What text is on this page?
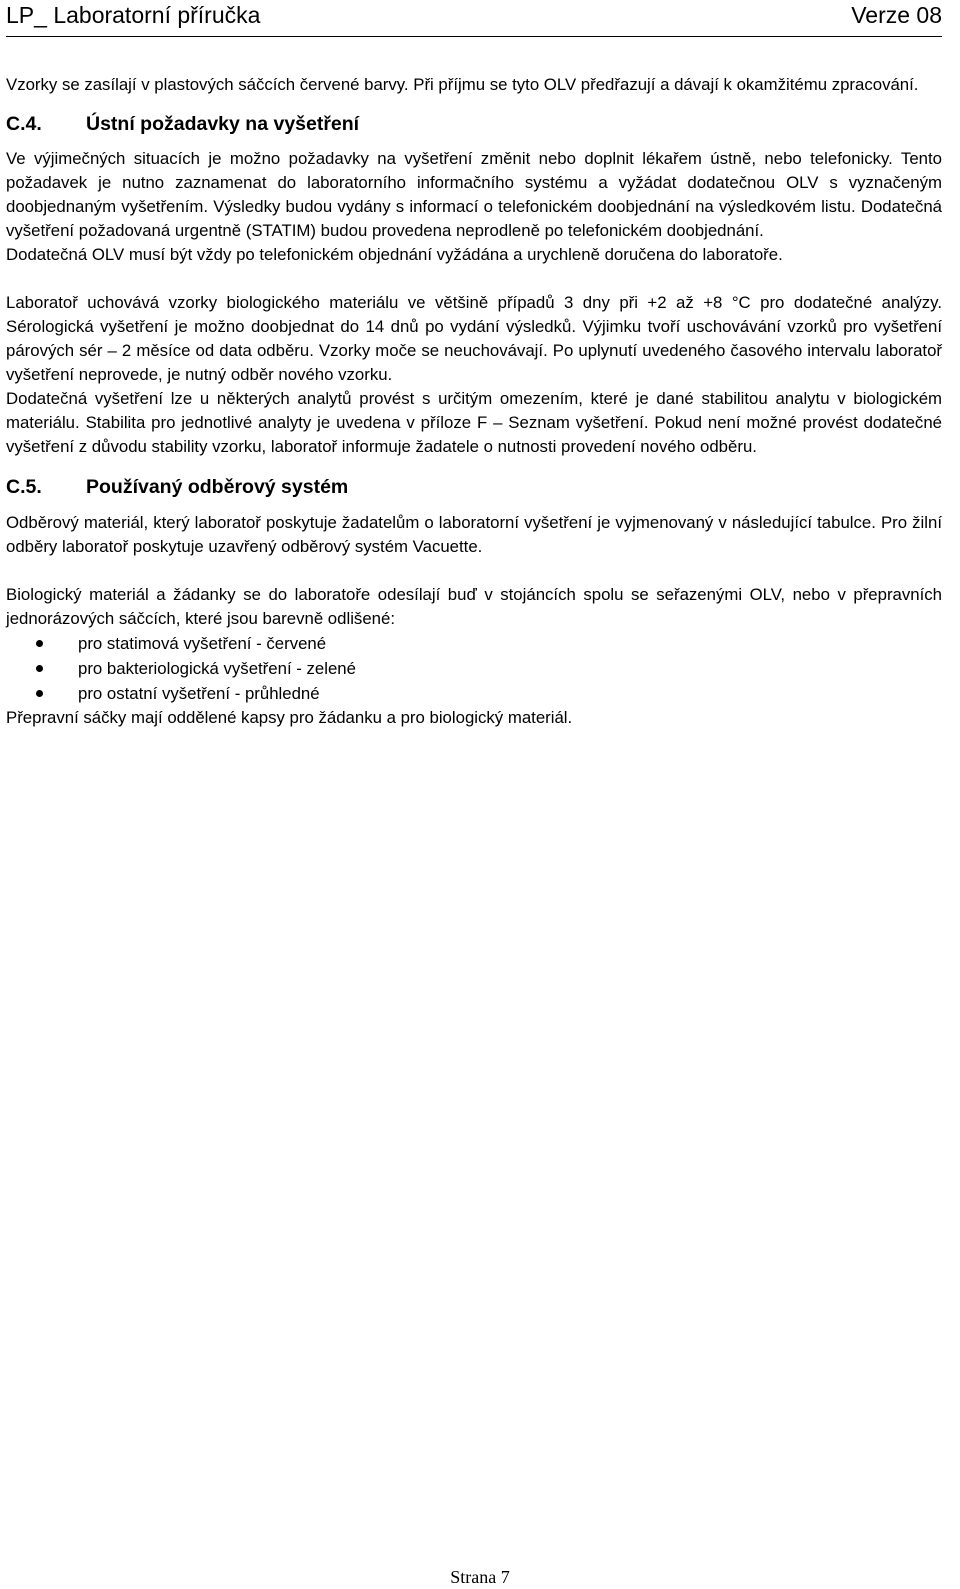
LP_ Laboratorní příručka	Verze 08

Vzorky se zasílají v plastových sáčcích červené barvy. Při příjmu se tyto OLV předřazují a dávají k okamžitému zpracování.

C.4.	Ústní požadavky na vyšetření

Ve výjimečných situacích je možno požadavky na vyšetření změnit nebo doplnit lékařem ústně, nebo telefonicky. Tento požadavek je nutno zaznamenat do laboratorního informačního systému a vyžádat dodatečnou OLV s vyznačeným doobjednaným vyšetřením. Výsledky budou vydány s informací o telefonickém doobjednání na výsledkovém listu. Dodatečná vyšetření požadovaná urgentně (STATIM) budou provedena neprodleně po telefonickém doobjednání.

Dodatečná OLV musí být vždy po telefonickém objednání vyžádána a urychleně doručena do laboratoře.

Laboratoř uchovává vzorky biologického materiálu ve většině případů 3 dny při +2 až +8 °C pro dodatečné analýzy. Sérologická vyšetření je možno doobjednat do 14 dnů po vydání výsledků. Výjimku tvoří uschovávání vzorků pro vyšetření párových sér – 2 měsíce od data odběru. Vzorky moče se neuchovávají. Po uplynutí uvedeného časového intervalu laboratoř vyšetření neprovede, je nutný odběr nového vzorku.

Dodatečná vyšetření lze u některých analytů provést s určitým omezením, které je dané stabilitou analytu v biologickém materiálu. Stabilita pro jednotlivé analyty je uvedena v příloze F – Seznam vyšetření. Pokud není možné provést dodatečné vyšetření z důvodu stability vzorku, laboratoř informuje žadatele o nutnosti provedení nového odběru.

C.5.	Používaný odběrový systém

Odběrový materiál, který laboratoř poskytuje žadatelům o laboratorní vyšetření je vyjmenovaný v následující tabulce. Pro žilní odběry laboratoř poskytuje uzavřený odběrový systém Vacuette.

Biologický materiál a žádanky se do laboratoře odesílají buď v stojáncích spolu se seřazenými OLV, nebo v přepravních jednorázových sáčcích, které jsou barevně odlišené:

pro statimová vyšetření - červené
pro bakteriologická vyšetření - zelené
pro ostatní vyšetření - průhledné

Přepravní sáčky mají oddělené kapsy pro žádanku a pro biologický materiál.

Strana 7
